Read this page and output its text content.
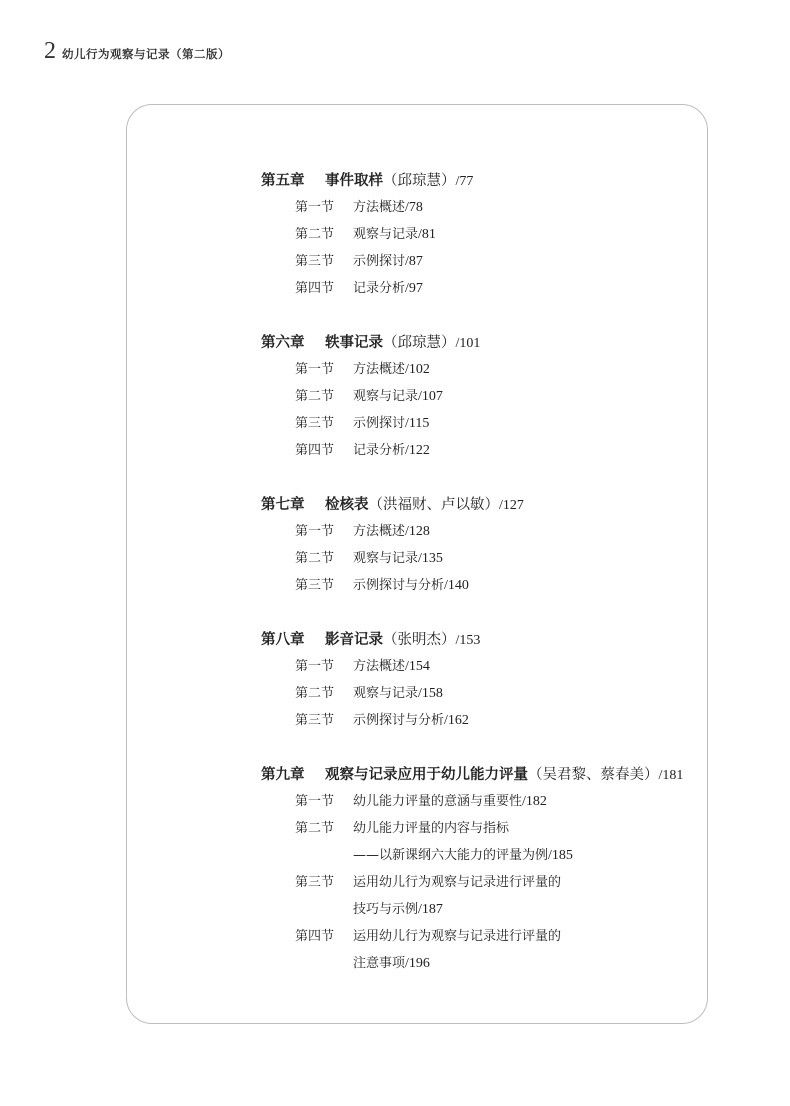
2 幼儿行为观察与记录（第二版）
第五章	事件取样 （邱琼慧） /77
第一节	方法概述 /78
第二节	观察与记录 /81
第三节	示例探讨 /87
第四节	记录分析 /97
第六章	轶事记录 （邱琼慧） /101
第一节	方法概述 /102
第二节	观察与记录 /107
第三节	示例探讨 /115
第四节	记录分析 /122
第七章	检核表 （洪福财、卢以敏） /127
第一节	方法概述 /128
第二节	观察与记录 /135
第三节	示例探讨与分析 /140
第八章	影音记录 （张明杰） /153
第一节	方法概述 /154
第二节	观察与记录 /158
第三节	示例探讨与分析 /162
第九章	观察与记录应用于幼儿能力评量 （吴君黎、蔡春美） /181
第一节	幼儿能力评量的意涵与重要性 /182
第二节	幼儿能力评量的内容与指标
——以新课纲六大能力的评量为例/185
第三节	运用幼儿行为观察与记录进行评量的
技巧与示例/187
第四节	运用幼儿行为观察与记录进行评量的
注意事项/196
